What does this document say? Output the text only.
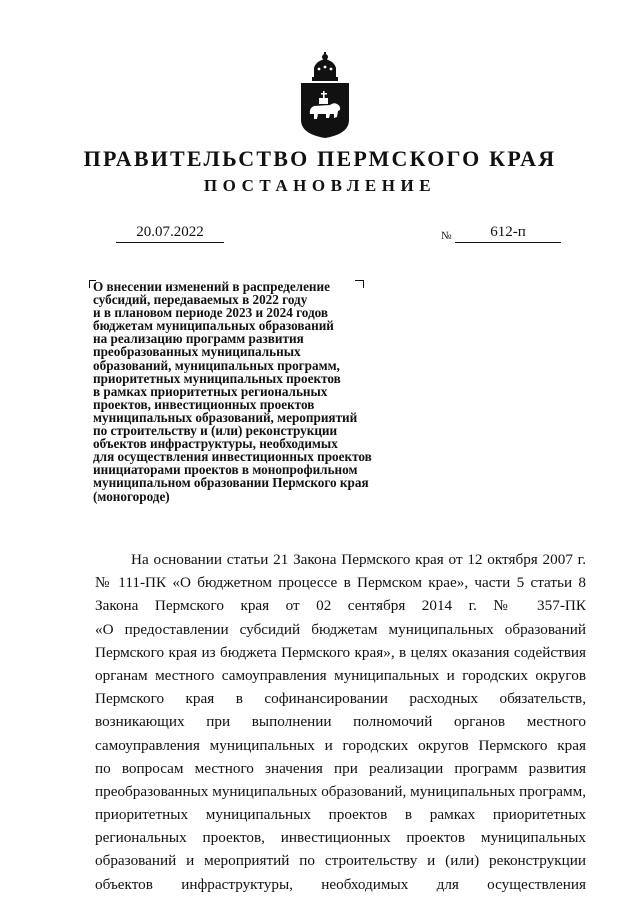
ПРАВИТЕЛЬСТВО ПЕРМСКОГО КРАЯ
ПОСТАНОВЛЕНИЕ
20.07.2022	№	612-п
О внесении изменений в распределение
субсидий, передаваемых в 2022 году
и в плановом периоде 2023 и 2024 годов
бюджетам муниципальных образований
на реализацию программ развития
преобразованных муниципальных
образований, муниципальных программ,
приоритетных муниципальных проектов
в рамках приоритетных региональных
проектов, инвестиционных проектов
муниципальных образований, мероприятий
по строительству и (или) реконструкции
объектов инфраструктуры, необходимых
для осуществления инвестиционных проектов
инициаторами проектов в монопрофильном
муниципальном образовании Пермского края
(моногороде)
На основании статьи 21 Закона Пермского края от 12 октября 2007 г.
№ 111-ПК «О бюджетном процессе в Пермском крае», части 5 статьи 8
Закона Пермского края от 02 сентября 2014 г. № 357-ПК
«О предоставлении субсидий бюджетам муниципальных образований
Пермского края из бюджета Пермского края», в целях оказания содействия
органам местного самоуправления муниципальных и городских округов
Пермского края в софинансировании расходных обязательств,
возникающих при выполнении полномочий органов местного
самоуправления муниципальных и городских округов Пермского края
по вопросам местного значения при реализации программ развития
преобразованных муниципальных образований, муниципальных программ,
приоритетных муниципальных проектов в рамках приоритетных
региональных проектов, инвестиционных проектов муниципальных
образований и мероприятий по строительству и (или) реконструкции
объектов инфраструктуры, необходимых для осуществления
